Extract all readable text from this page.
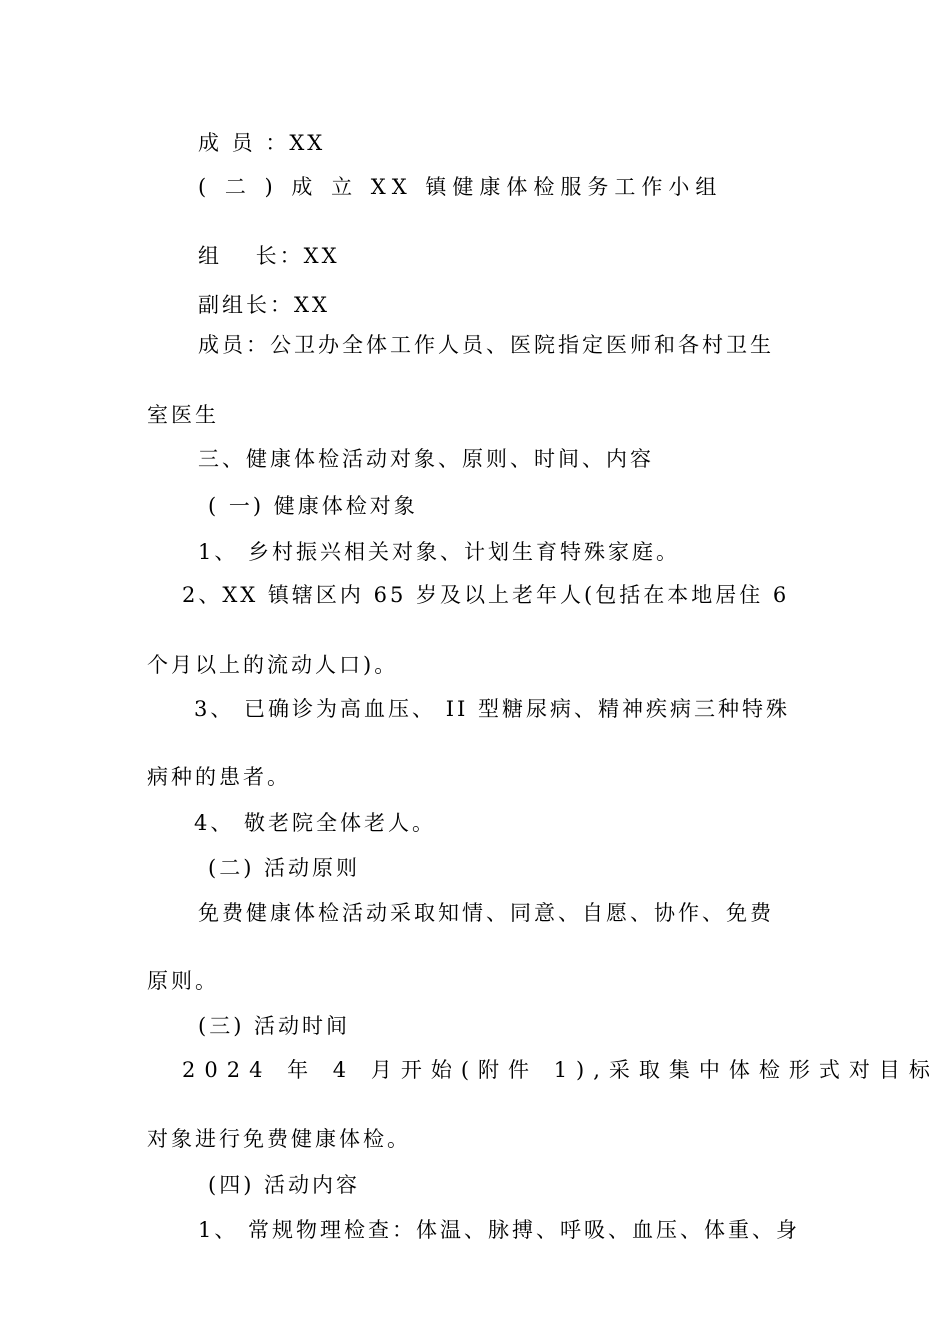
成 员 ：XX
( 二 ) 成 立 XX 镇健康体检服务工作小组
组　 长：XX
副组长：XX
成员：公卫办全体工作人员、医院指定医师和各村卫生
室医生
三、健康体检活动对象、原则、时间、内容
( 一) 健康体检对象
1、 乡村振兴相关对象、计划生育特殊家庭。
2、XX 镇辖区内 65 岁及以上老年人(包括在本地居住 6
个月以上的流动人口)。
3、 已确诊为高血压、 II 型糖尿病、精神疾病三种特殊
病种的患者。
4、 敬老院全体老人。
(二) 活动原则
免费健康体检活动采取知情、同意、自愿、协作、免费
原则。
(三) 活动时间
2024 年 4 月开始(附件 1),采取集中体检形式对目标
对象进行免费健康体检。
(四) 活动内容
1、 常规物理检查：体温、脉搏、呼吸、血压、体重、身
